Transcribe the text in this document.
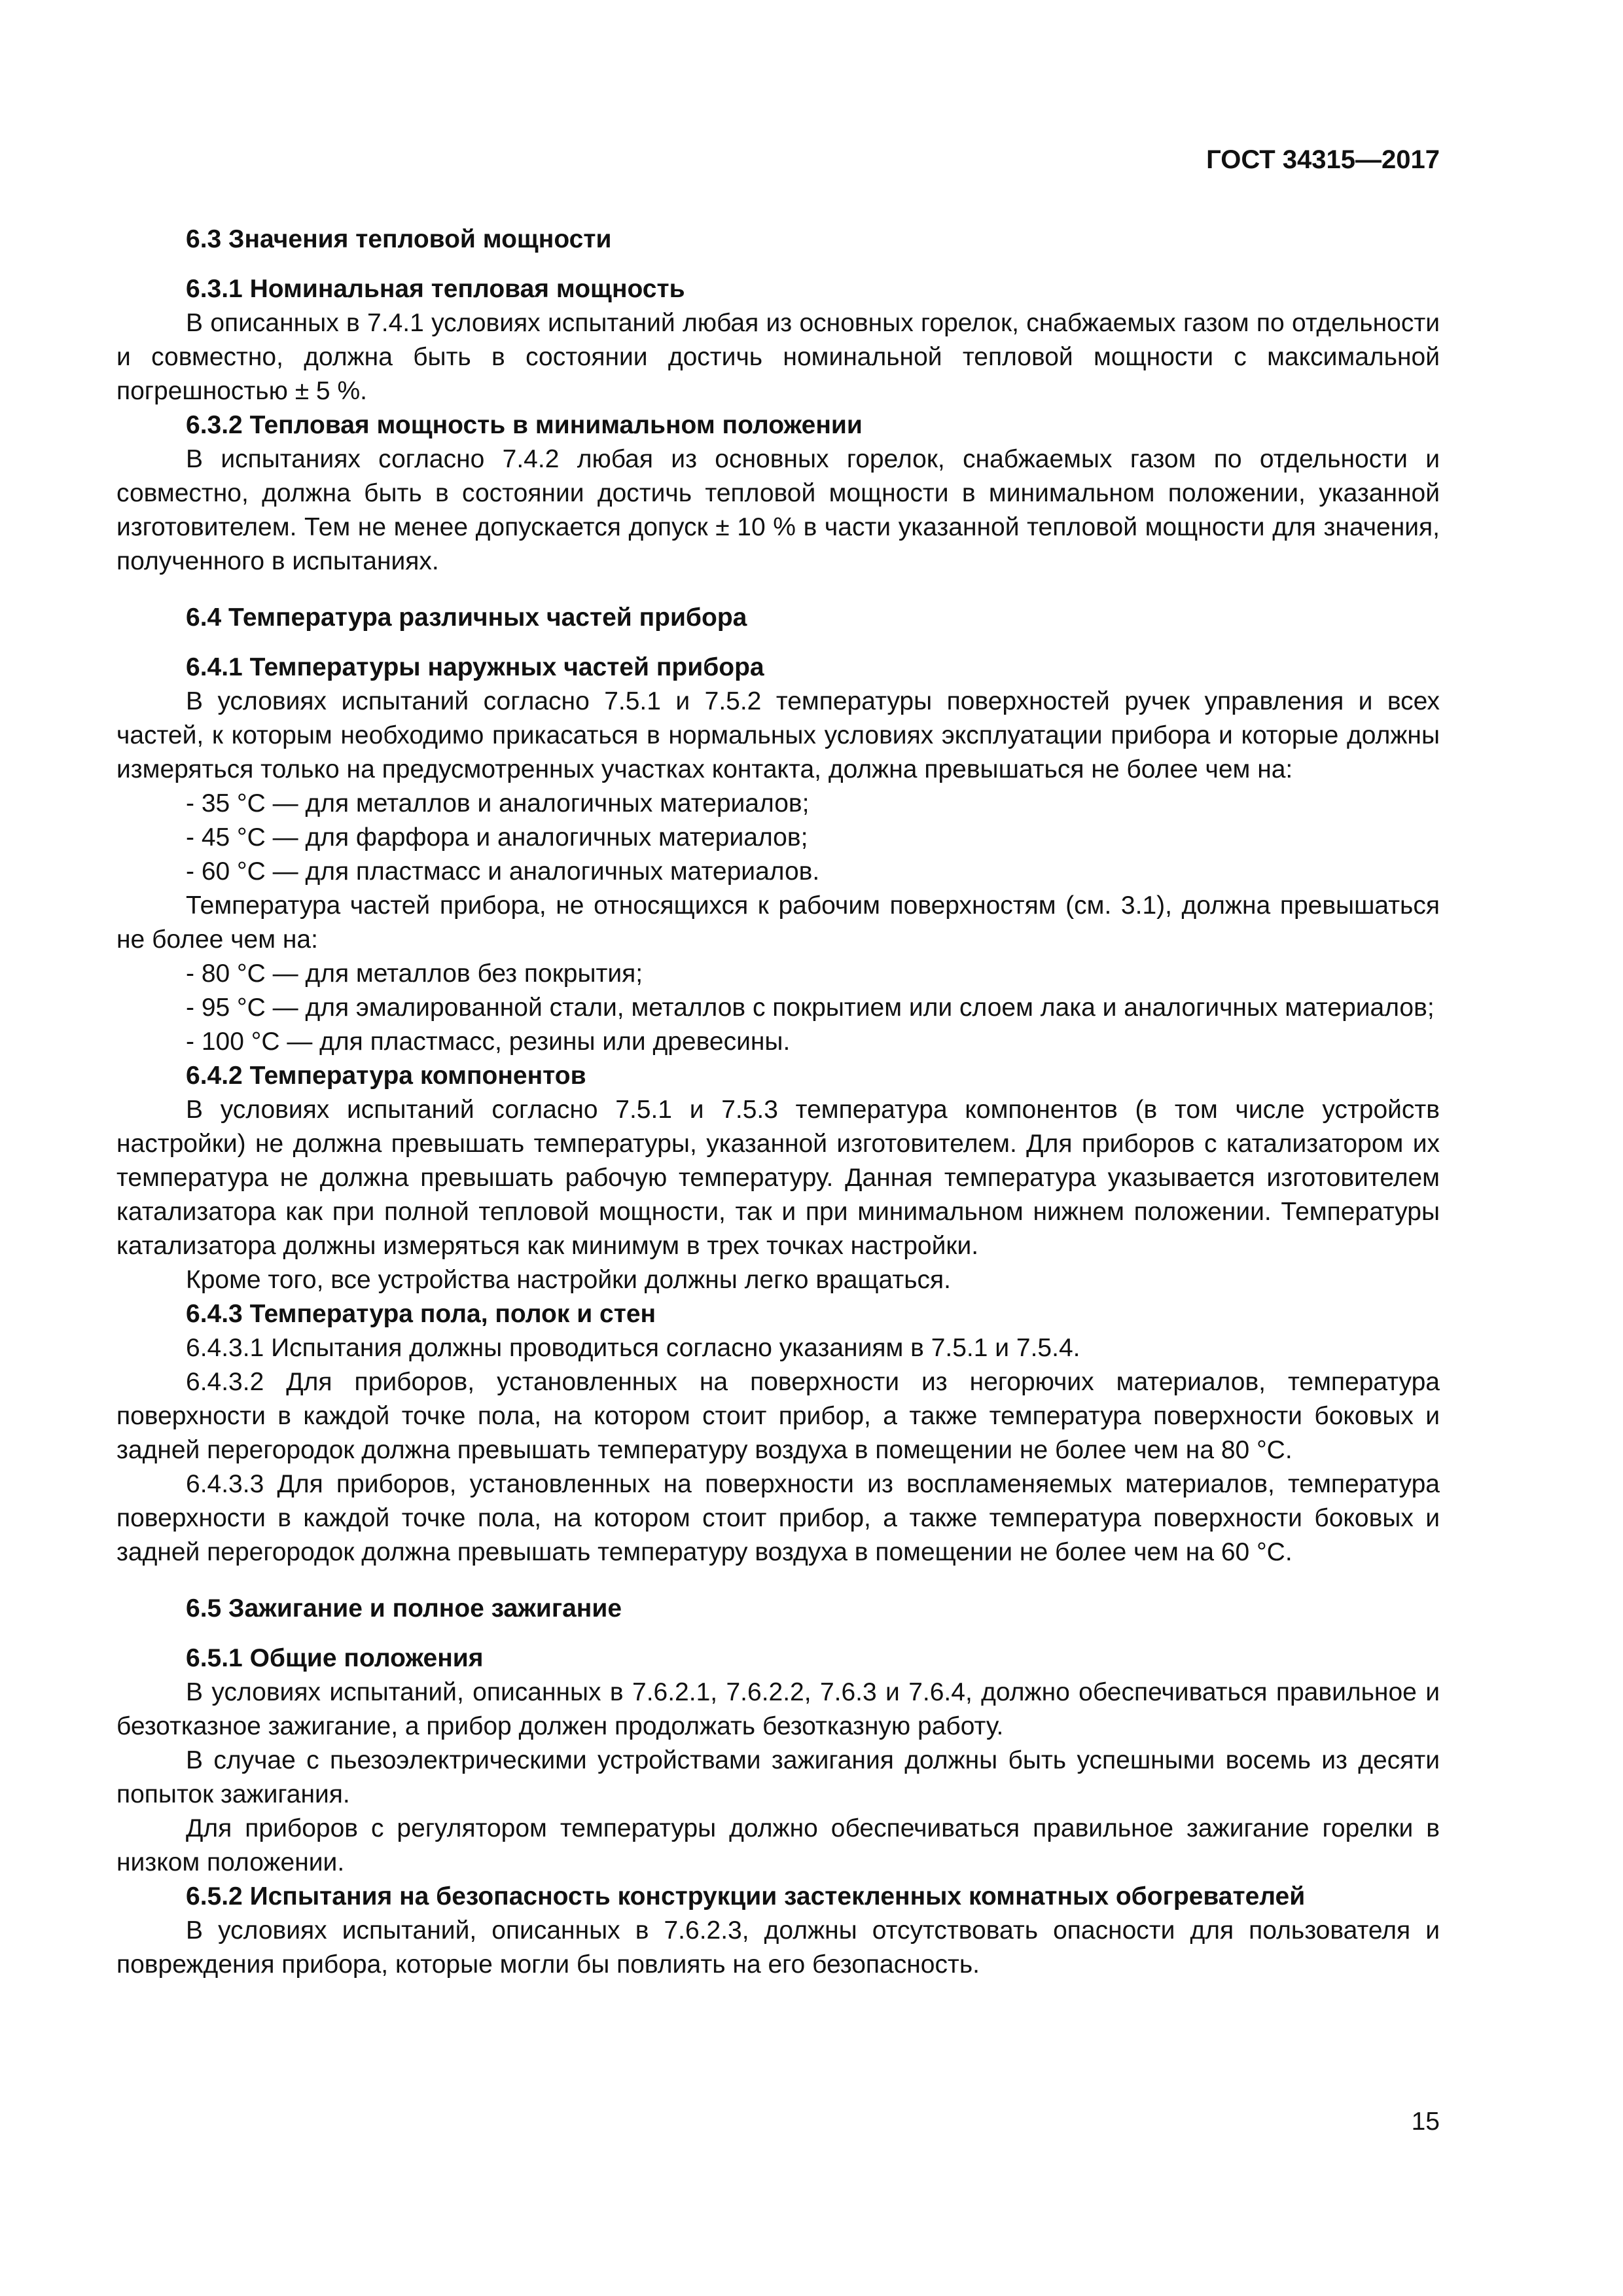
ГОСТ 34315—2017

6.3 Значения тепловой мощности

6.3.1 Номинальная тепловая мощность

В описанных в 7.4.1 условиях испытаний любая из основных горелок, снабжаемых газом по отдельности и совместно, должна быть в состоянии достичь номинальной тепловой мощности с максимальной погрешностью ± 5 %.

6.3.2 Тепловая мощность в минимальном положении

В испытаниях согласно 7.4.2 любая из основных горелок, снабжаемых газом по отдельности и совместно, должна быть в состоянии достичь тепловой мощности в минимальном положении, указанной изготовителем. Тем не менее допускается допуск ± 10 % в части указанной тепловой мощности для значения, полученного в испытаниях.

6.4 Температура различных частей прибора

6.4.1 Температуры наружных частей прибора

В условиях испытаний согласно 7.5.1 и 7.5.2 температуры поверхностей ручек управления и всех частей, к которым необходимо прикасаться в нормальных условиях эксплуатации прибора и которые должны измеряться только на предусмотренных участках контакта, должна превышаться не более чем на:

- 35 °С — для металлов и аналогичных материалов;

- 45 °С — для фарфора и аналогичных материалов;

- 60 °С — для пластмасс и аналогичных материалов.

Температура частей прибора, не относящихся к рабочим поверхностям (см. 3.1), должна превышаться не более чем на:

- 80 °С — для металлов без покрытия;

- 95 °С — для эмалированной стали, металлов с покрытием или слоем лака и аналогичных материалов;

- 100 °С — для пластмасс, резины или древесины.

6.4.2 Температура компонентов

В условиях испытаний согласно 7.5.1 и 7.5.3 температура компонентов (в том числе устройств настройки) не должна превышать температуры, указанной изготовителем. Для приборов с катализатором их температура не должна превышать рабочую температуру. Данная температура указывается изготовителем катализатора как при полной тепловой мощности, так и при минимальном нижнем положении. Температуры катализатора должны измеряться как минимум в трех точках настройки.

Кроме того, все устройства настройки должны легко вращаться.

6.4.3 Температура пола, полок и стен

6.4.3.1 Испытания должны проводиться согласно указаниям в 7.5.1 и 7.5.4.

6.4.3.2 Для приборов, установленных на поверхности из негорючих материалов, температура поверхности в каждой точке пола, на котором стоит прибор, а также температура поверхности боковых и задней перегородок должна превышать температуру воздуха в помещении не более чем на 80 °С.

6.4.3.3 Для приборов, установленных на поверхности из воспламеняемых материалов, температура поверхности в каждой точке пола, на котором стоит прибор, а также температура поверхности боковых и задней перегородок должна превышать температуру воздуха в помещении не более чем на 60 °С.

6.5 Зажигание и полное зажигание

6.5.1 Общие положения

В условиях испытаний, описанных в 7.6.2.1, 7.6.2.2, 7.6.3 и 7.6.4, должно обеспечиваться правильное и безотказное зажигание, а прибор должен продолжать безотказную работу.

В случае с пьезоэлектрическими устройствами зажигания должны быть успешными восемь из десяти попыток зажигания.

Для приборов с регулятором температуры должно обеспечиваться правильное зажигание горелки в низком положении.

6.5.2 Испытания на безопасность конструкции застекленных комнатных обогревателей

В условиях испытаний, описанных в 7.6.2.3, должны отсутствовать опасности для пользователя и повреждения прибора, которые могли бы повлиять на его безопасность.

15
